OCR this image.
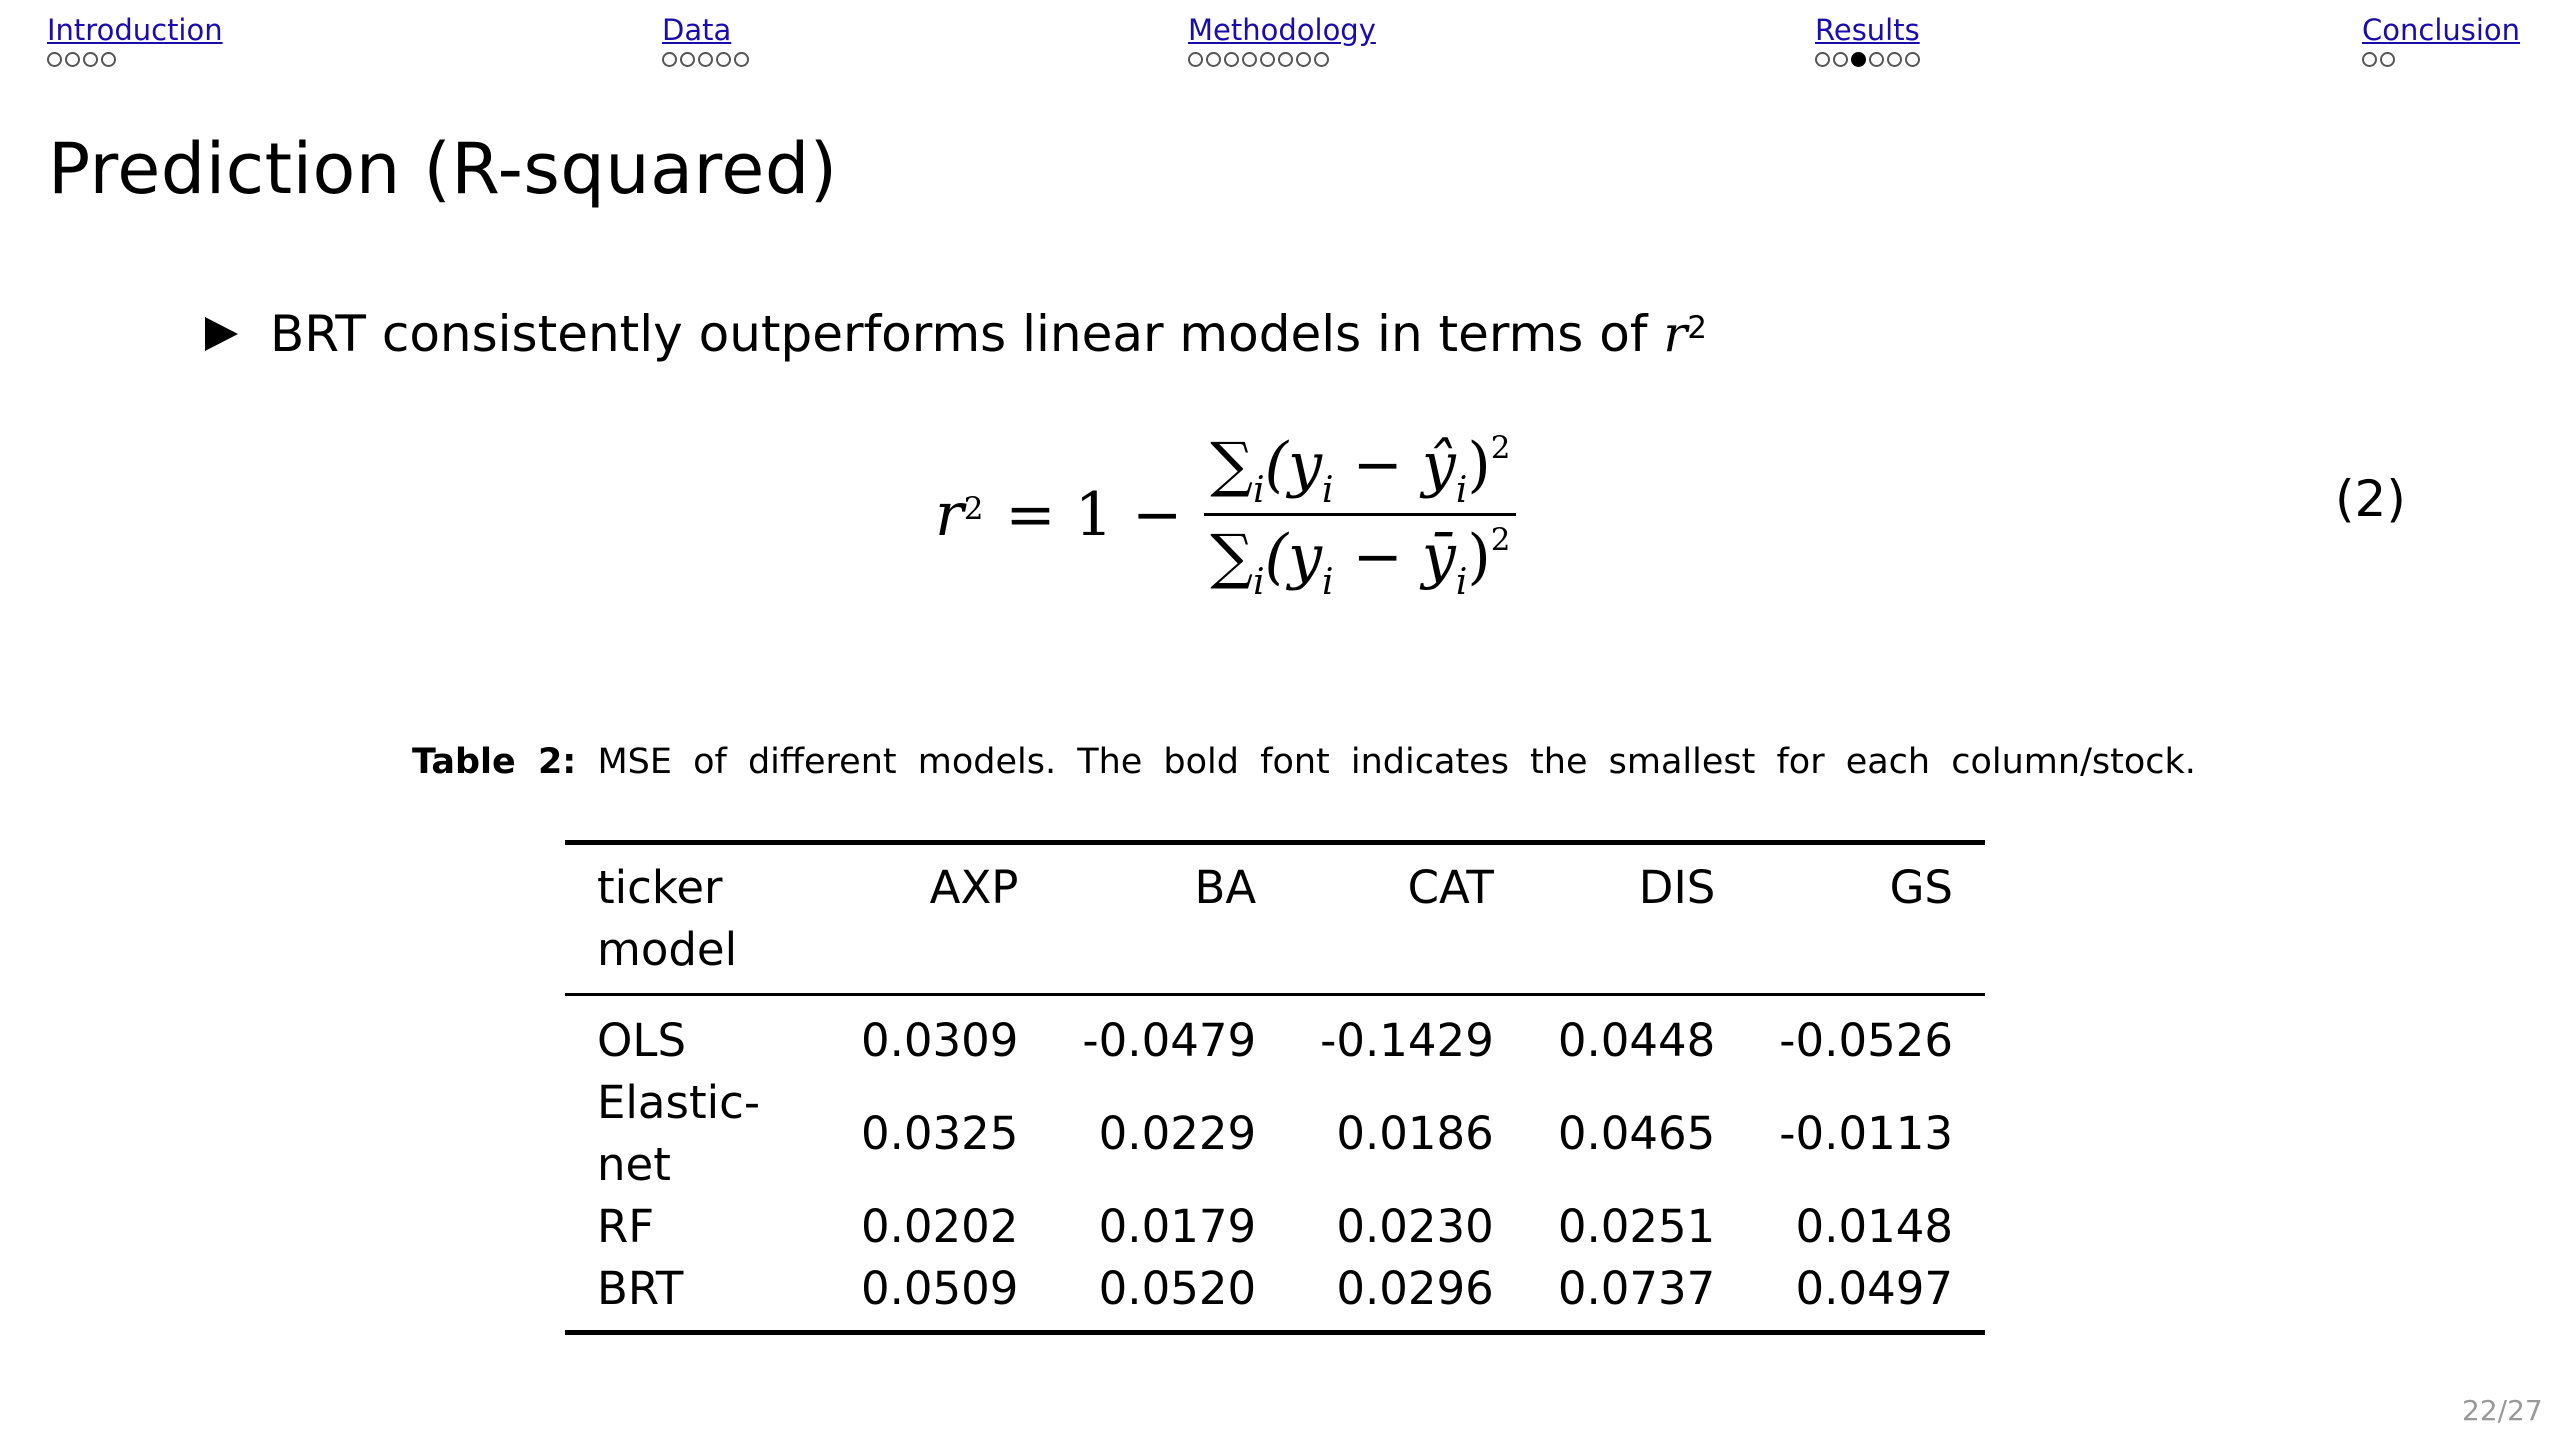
Introduction	Data	Methodology	Results	Conclusion
Prediction (R-squared)
BRT consistently outperforms linear models in terms of r 2
r $2 = 1 - \frac{\sum_i(y_i - ŷ_i)^2}{\sum_i(y_i - ȳ_i)^2}$	(2)
Table 2: MSE of different models. The bold font indicates the smallest for each column/stock.
ticker	AXP	BA	CAT	DIS	GS
model					
OLS	0.0309	-0.0479	-0.1429	0.0448	-0.0526
Elastic-net	0.0325	0.0229	0.0186	0.0465	-0.0113
RF	0.0202	0.0179	0.0230	0.0251	0.0148
BRT	0.0509	0.0520	0.0296	0.0737	0.0497
22/27
